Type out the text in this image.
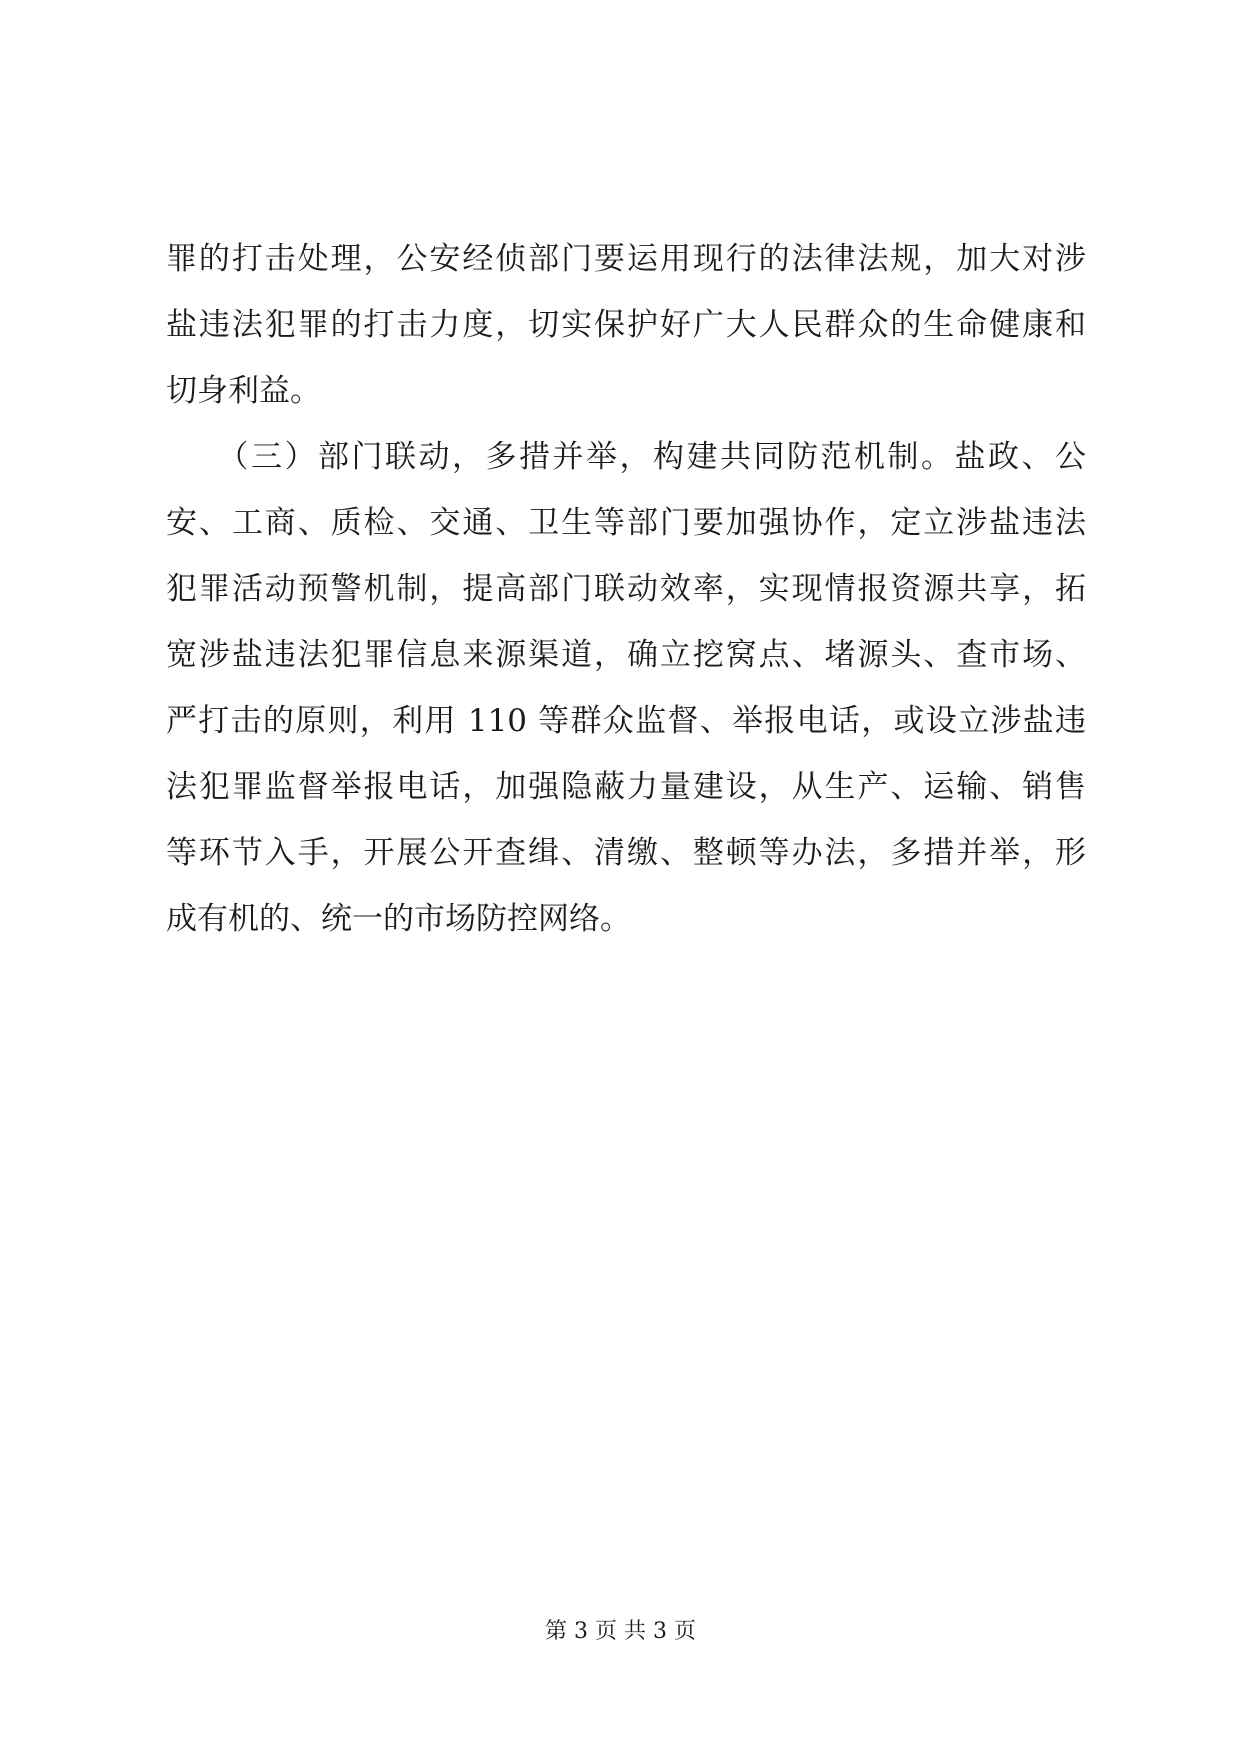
罪的打击处理，公安经侦部门要运用现行的法律法规，加大对涉
盐违法犯罪的打击力度，切实保护好广大人民群众的生命健康和
切身利益。
　　（三）部门联动，多措并举，构建共同防范机制。盐政、公
安、工商、质检、交通、卫生等部门要加强协作，定立涉盐违法
犯罪活动预警机制，提高部门联动效率，实现情报资源共享，拓
宽涉盐违法犯罪信息来源渠道，确立挖窝点、堵源头、查市场、
严打击的原则，利用 110 等群众监督、举报电话，或设立涉盐违
法犯罪监督举报电话，加强隐蔽力量建设，从生产、运输、销售
等环节入手，开展公开查缉、清缴、整顿等办法，多措并举，形
成有机的、统一的市场防控网络。
第 3 页 共 3 页
